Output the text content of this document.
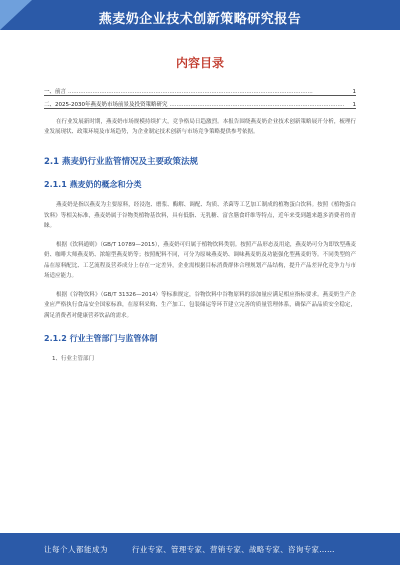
燕麦奶企业技术创新策略研究报告
内容目录
一、前言 ............................................................................................................................................	1
二、2025-2030年燕麦奶市场前景及投资策略研究 ....................................................................................................	1
在行业发展新时期，燕麦奶市场规模持续扩大，竞争格局日趋激烈。本报告围绕燕麦奶企业技术创新策略展开分析，梳理行业发展现状、政策环境及市场趋势，为企业制定技术创新与市场竞争策略提供参考依据。
2.1 燕麦奶行业监管情况及主要政策法规
2.1.1 燕麦奶的概念和分类

燕麦奶是指以燕麦为主要原料，经浸泡、磨浆、酶解、调配、均质、杀菌等工艺加工制成的植物蛋白饮料。按照《植物蛋白饮料》等相关标准，燕麦奶属于谷物类植物基饮料，具有低脂、无乳糖、富含膳食纤维等特点，近年来受到越来越多消费者的青睐。

根据《饮料通则》（GB/T 10789—2015），燕麦奶可归属于植物饮料类别。按照产品形态及用途，燕麦奶可分为即饮型燕麦奶、咖啡大师燕麦奶、浓缩型燕麦奶等；按照配料不同，可分为原味燕麦奶、调味燕麦奶及功能强化型燕麦奶等。不同类型的产品在原料配比、工艺流程及营养成分上存在一定差异，企业需根据目标消费群体合理规划产品结构，提升产品差异化竞争力与市场适应能力。

根据《谷物饮料》（GB/T 31326—2014）等标准规定，谷物饮料中谷物原料的添加量应满足相应指标要求。燕麦奶生产企业应严格执行食品安全国家标准，在原料采购、生产加工、包装储运等环节建立完善的质量管理体系，确保产品品质安全稳定，满足消费者对健康营养饮品的需求。

2.1.2 行业主管部门与监管体制
1、行业主管部门
让每个人都能成为	行业专家、管理专家、营销专家、战略专家、咨询专家……
